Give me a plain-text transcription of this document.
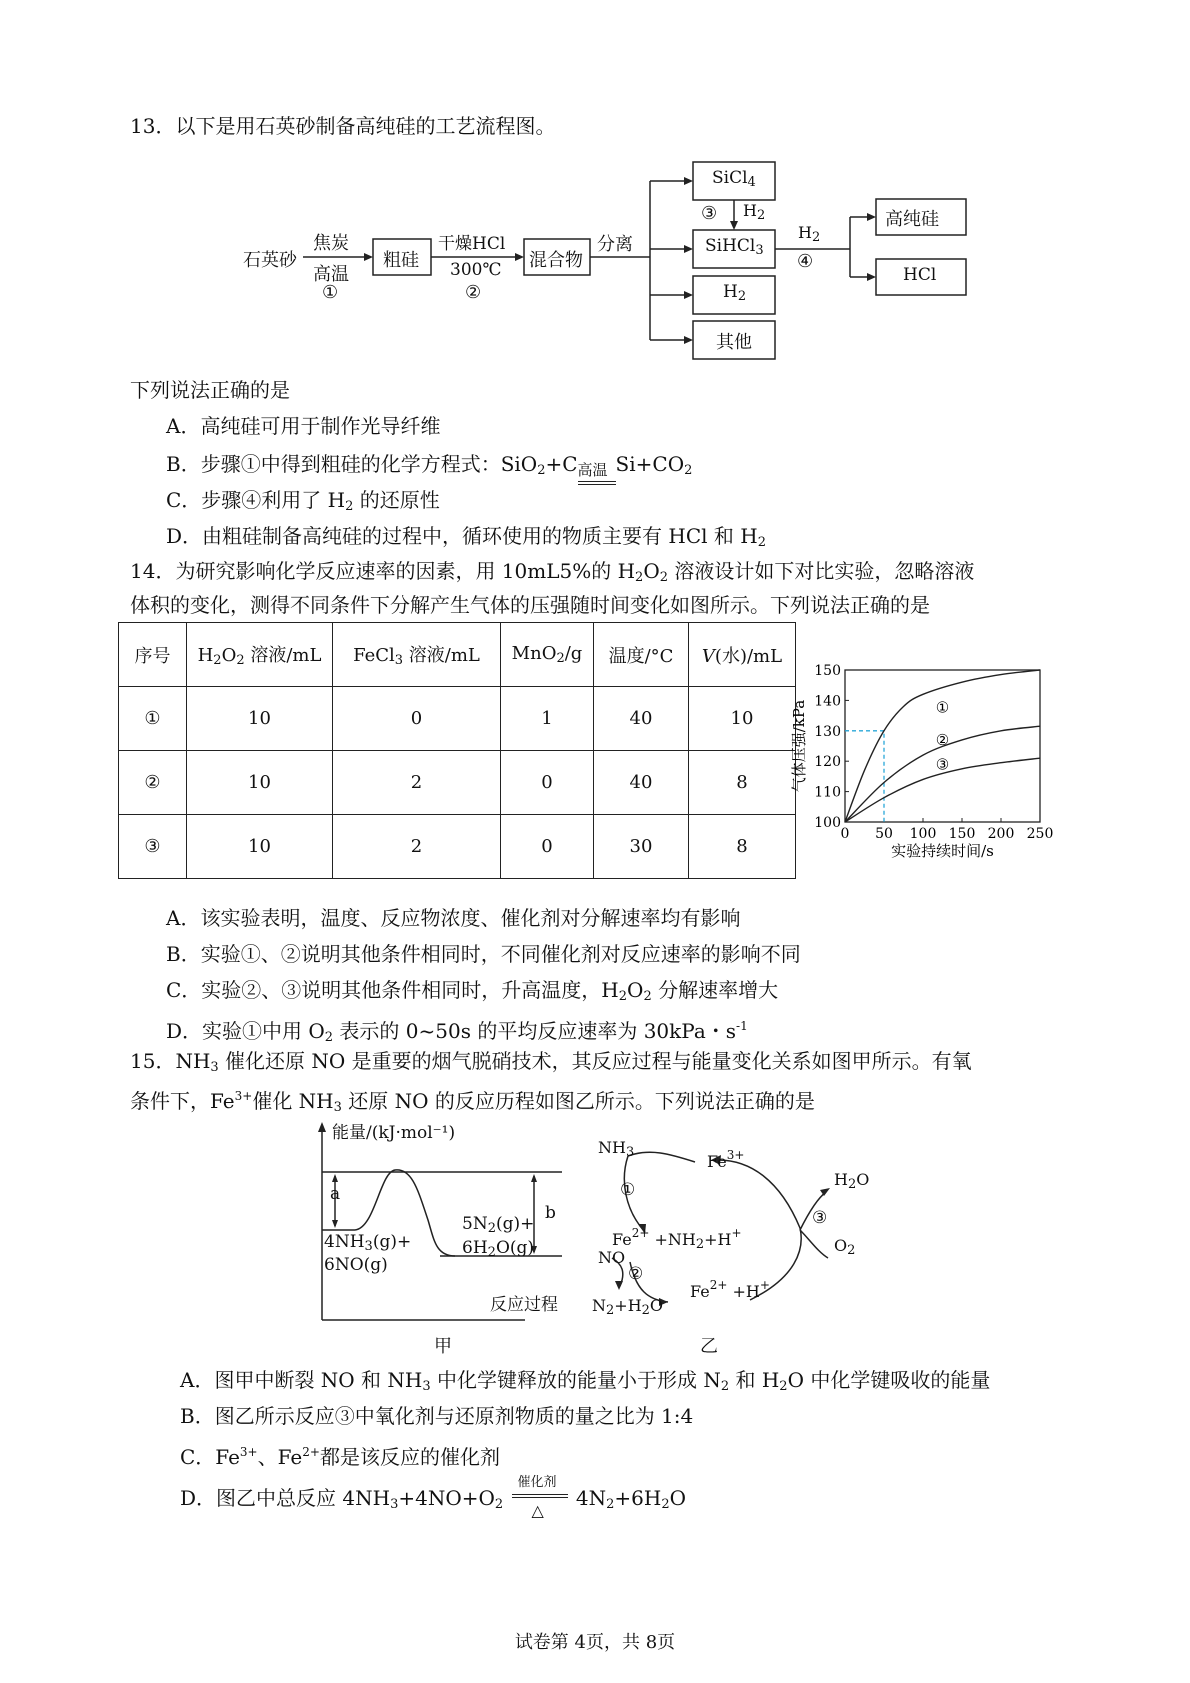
13．以下是用石英砂制备高纯硅的工艺流程图。
石英砂
焦炭
高温
①
粗硅
干燥HCl
300℃
②
混合物
分离
SiCl$_4$
SiHCl$_3$
$H_2$
其他
③ $H_2$
$H_2$
④
高纯硅
HCl
下列说法正确的是
A．高纯硅可用于制作光导纤维
B．步骤①中得到粗硅的化学方程式：SiO$_2$+C 高温 $Si+CO_2$
C．步骤④利用了 $H_2$ 的还原性
D．由粗硅制备高纯硅的过程中，循环使用的物质主要有 HCl 和 $H_2$
14．为研究影响化学反应速率的因素，用 10mL5%的 $H_2O_2$ 溶液设计如下对比实验，忽略溶液
体积的变化，测得不同条件下分解产生气体的压强随时间变化如图所示。下列说法正确的是
序号	$H_2O_2$ 溶液/mL	FeCl$_3$ 溶液/mL	MnO$_2$/g	温度/°C	V(水)/mL
①	10	0	1	40	10
②	10	2	0	40	8
③	10	2	0	30	8
0 50 100 150 200 250
100
110
120
130
140
150
①
②
③
实验持续时间/s
气体压强/kPa
A．该实验表明，温度、反应物浓度、催化剂对分解速率均有影响
B．实验①、②说明其他条件相同时，不同催化剂对反应速率的影响不同
C．实验②、③说明其他条件相同时，升高温度，$H_2O_2$ 分解速率增大
D．实验①中用 $O_2$ 表示的 0~50s 的平均反应速率为 30kPa・$s^{-1}$
15．$NH_3$ 催化还原 NO 是重要的烟气脱硝技术，其反应过程与能量变化关系如图甲所示。有氧
条件下，$Fe^{3+}$催化 $NH_3$ 还原 NO 的反应历程如图乙所示。下列说法正确的是
能量/(kJ·mol⁻¹)
a
b
$4NH_3(g)+$
6NO(g)
$5N_2(g)+$
$6H_2O(g)$
反应过程
甲
$NH_3$	$Fe^{3+}$
①
$Fe^{2+} +NH_2+H^+$
NO
②
$N_2+H_2O$
$Fe^{2+} +H^+$
③
$H_2O$
$O_2$
乙
A．图甲中断裂 NO 和 $NH_3$ 中化学键释放的能量小于形成 $N_2$ 和 $H_2O$ 中化学键吸收的能量
B．图乙所示反应③中氧化剂与还原剂物质的量之比为 1:4
C．$Fe^{3+}$、$Fe^{2+}$都是该反应的催化剂
D．图乙中总反应 $4NH_3+4NO+O_2$
催化剂
△
$4N_2+6H_2O$
试卷第 4页，共 8页
